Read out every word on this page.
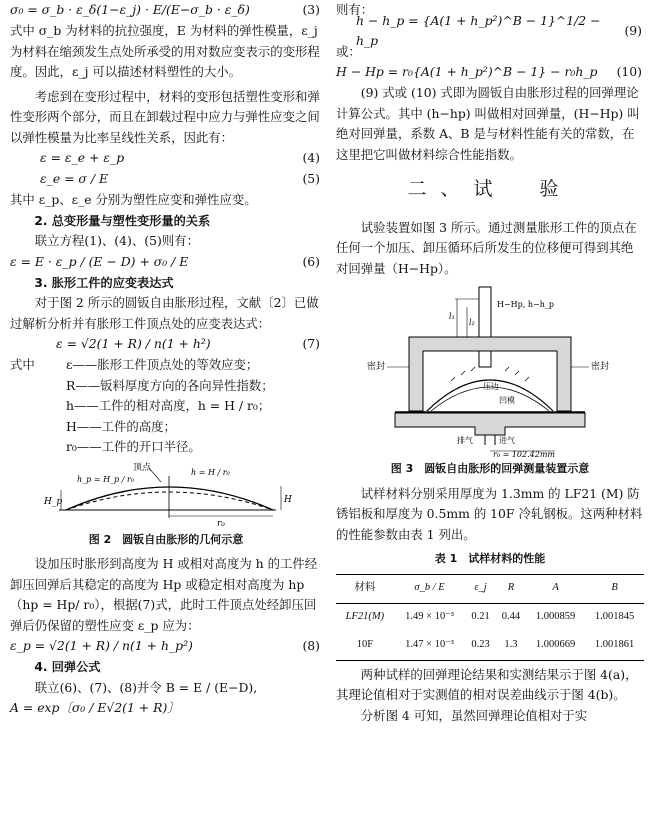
σ₀ = σ_b · ε_δ(1−ε_j) · E/(E−σ_b · ε_δ)	(3)

式中 σ_b 为材料的抗拉强度，E 为材料的弹性模量，ε_j 为材料在缩颈发生点处所承受的用对数应变表示的变形程度。因此，ε_j 可以描述材料塑性的大小。

考虑到在变形过程中，材料的变形包括塑性变形和弹性变形两个部分，而且在卸载过程中应力与弹性应变之间以弹性模量为比率呈线性关系，因此有：

ε = ε_e + ε_p	(4)
ε_e = σ / E	(5)

其中 ε_p、ε_e 分别为塑性应变和弹性应变。

2. 总变形量与塑性变形量的关系

联立方程(1)、(4)、(5)则有：

ε = E · ε_p / (E − D) + σ₀ / E	(6)

3. 胀形工件的应变表达式

对于图 2 所示的圆钣自由胀形过程，文献〔2〕已做过解析分析并有胀形工件顶点处的应变表达式：

ε = √2(1 + R) / n(1 + h²)	(7)

式中	ε——胀形工件顶点处的等效应变；

R——钣料厚度方向的各向异性指数；

h——工件的相对高度，h = H / r₀；

H——工件的高度；

r₀——工件的开口半径。

顶点
h_p = H_p / r₀
h = H / r₀
H_p	H
r₀
图 2　圆钣自由胀形的几何示意

设加压时胀形到高度为 H 或相对高度为 h 的工件经卸压回弹后其稳定的高度为 Hp 或稳定相对高度为 hp（hp = Hp/ r₀），根据(7)式，此时工件顶点处经卸压回弹后仍保留的塑性应变 ε_p 应为：

ε_p = √2(1 + R) / n(1 + h_p²)	(8)

4. 回弹公式

联立(6)、(7)、(8)并令 B = E / (E−D),

A = exp〔σ₀ / E√2(1 + R)〕

则有：

h − h_p = {A(1 + h_p²)^B − 1}^1/2 − h_p
(9)

或：

H − Hp = r₀{A(1 + h_p²)^B − 1} − r₀h_p (10)

(9) 式或 (10) 式即为圆钣自由胀形过程的回弹理论计算公式。其中 (h−hp) 叫做相对回弹量，(H−Hp) 叫绝对回弹量，系数 A、B 是与材料性能有关的常数，在这里把它叫做材料综合性能指数。

二、试　验

试验装置如图 3 所示。通过测量胀形工件的顶点在任何一个加压、卸压循环后所发生的位移便可得到其绝对回弹量（H−Hp）。

l₁
l₂
H−Hp, h−h_p
压边
凹模
密封	密封
排气	进气
r₀ = 102.42mm
图 3　圆钣自由胀形的回弹测量装置示意

试样材料分别采用厚度为 1.3mm 的 LF21 (M) 防锈铝板和厚度为 0.5mm 的 10F 冷轧钢板。这两种材料的性能参数由表 1 列出。

表 1　试样材料的性能
材料	σ_b / E	ε_j	R	A	B
LF21(M)	1.49 × 10⁻³	0.21	0.44	1.000859	1.001845
10F	1.47 × 10⁻³	0.23	1.3	1.000669	1.001861

两种试样的回弹理论结果和实测结果示于图 4(a)，其理论值相对于实测值的相对误差曲线示于图 4(b)。

分析图 4 可知，虽然回弹理论值相对于实
